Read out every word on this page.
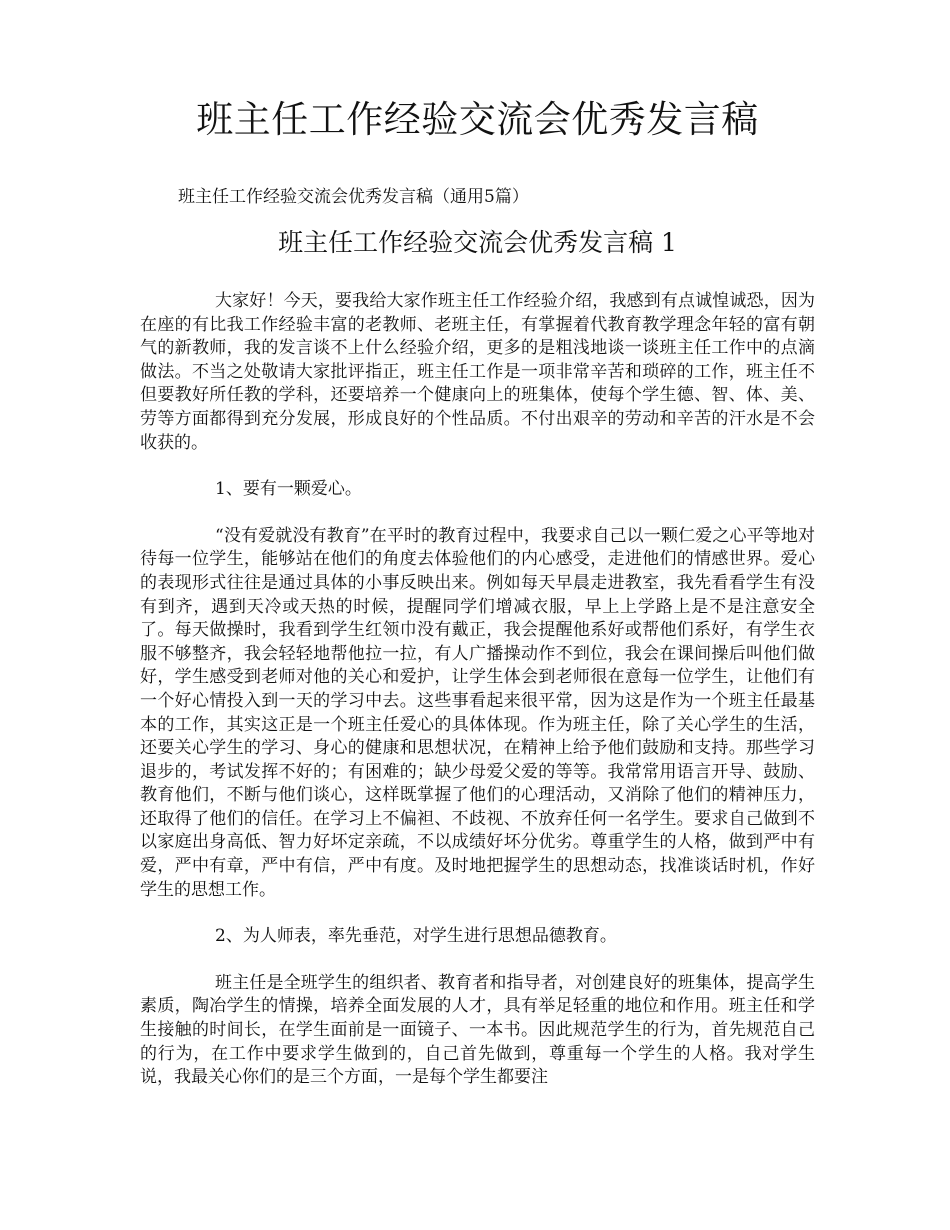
班主任工作经验交流会优秀发言稿

班主任工作经验交流会优秀发言稿（通用5篇）

班主任工作经验交流会优秀发言稿 1

大家好！今天，要我给大家作班主任工作经验介绍，我感到有点诚惶诚恐，因为在座的有比我工作经验丰富的老教师、老班主任，有掌握着代教育教学理念年轻的富有朝气的新教师，我的发言谈不上什么经验介绍，更多的是粗浅地谈一谈班主任工作中的点滴做法。不当之处敬请大家批评指正，班主任工作是一项非常辛苦和琐碎的工作，班主任不但要教好所任教的学科，还要培养一个健康向上的班集体，使每个学生德、智、体、美、劳等方面都得到充分发展，形成良好的个性品质。不付出艰辛的劳动和辛苦的汗水是不会收获的。

1、要有一颗爱心。

“没有爱就没有教育”在平时的教育过程中，我要求自己以一颗仁爱之心平等地对待每一位学生，能够站在他们的角度去体验他们的内心感受，走进他们的情感世界。爱心的表现形式往往是通过具体的小事反映出来。例如每天早晨走进教室，我先看看学生有没有到齐，遇到天冷或天热的时候，提醒同学们增减衣服，早上上学路上是不是注意安全了。每天做操时，我看到学生红领巾没有戴正，我会提醒他系好或帮他们系好，有学生衣服不够整齐，我会轻轻地帮他拉一拉，有人广播操动作不到位，我会在课间操后叫他们做好，学生感受到老师对他的关心和爱护，让学生体会到老师很在意每一位学生，让他们有一个好心情投入到一天的学习中去。这些事看起来很平常，因为这是作为一个班主任最基本的工作，其实这正是一个班主任爱心的具体体现。作为班主任，除了关心学生的生活，还要关心学生的学习、身心的健康和思想状况，在精神上给予他们鼓励和支持。那些学习退步的，考试发挥不好的；有困难的；缺少母爱父爱的等等。我常常用语言开导、鼓励、教育他们，不断与他们谈心，这样既掌握了他们的心理活动，又消除了他们的精神压力，还取得了他们的信任。在学习上不偏袒、不歧视、不放弃任何一名学生。要求自己做到不以家庭出身高低、智力好坏定亲疏，不以成绩好坏分优劣。尊重学生的人格，做到严中有爱，严中有章，严中有信，严中有度。及时地把握学生的思想动态，找准谈话时机，作好学生的思想工作。

2、为人师表，率先垂范，对学生进行思想品德教育。

班主任是全班学生的组织者、教育者和指导者，对创建良好的班集体，提高学生素质，陶冶学生的情操，培养全面发展的人才，具有举足轻重的地位和作用。班主任和学生接触的时间长，在学生面前是一面镜子、一本书。因此规范学生的行为，首先规范自己的行为，在工作中要求学生做到的，自己首先做到，尊重每一个学生的人格。我对学生说，我最关心你们的是三个方面，一是每个学生都要注
